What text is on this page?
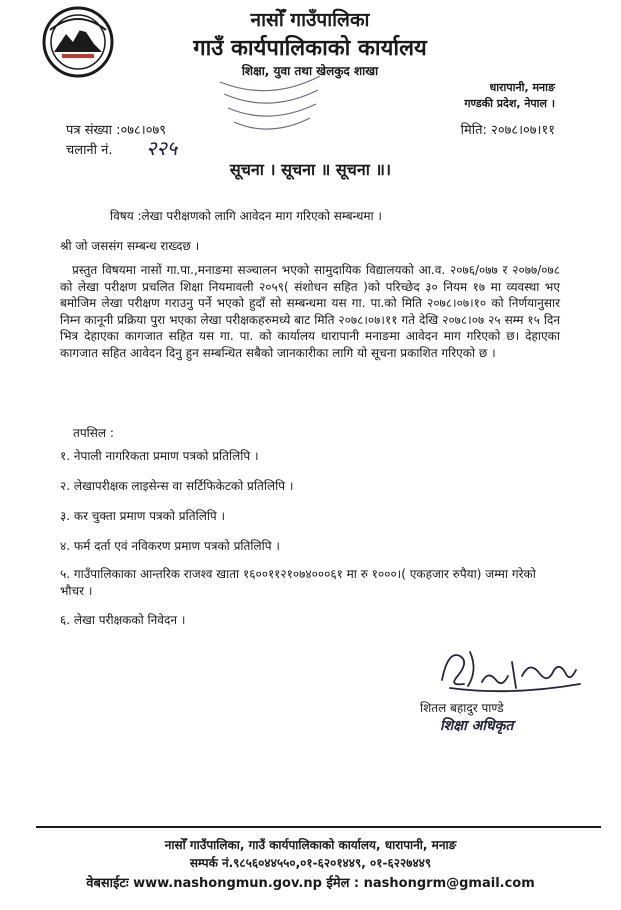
नासोँ गाउँपालिका
गाउँ कार्यपालिकाको कार्यालय
शिक्षा, युवा तथा खेलकुद शाखा
धारापानी, मनाङ
गण्डकी प्रदेश, नेपाल ।
पत्र संख्या :०७८।०७९
चलानी नं. २२५
मिति: २०७८।०७।११
सूचना । सूचना ॥ सूचना ॥।
विषय :लेखा परीक्षणको लागि आवेदन माग गरिएको सम्बन्धमा ।
श्री जो जससंग सम्बन्ध राख्दछ ।
प्रस्तुत विषयमा नासों गा.पा.,मनाङमा सञ्चालन भएको सामुदायिक विद्यालयको आ.व. २०७६/०७७ र २०७७/०७८ को लेखा परीक्षण प्रचलित शिक्षा नियमावली २०५९( संशोधन सहित )को परिच्छेद ३० नियम १७ मा व्यवस्था भए बमोजिम लेखा परीक्षण गराउनु पर्ने भएको हुदाँ सो सम्बन्धमा यस गा. पा.को मिति २०७८।०७।१० को निर्णयानुसार निम्न कानूनी प्रक्रिया पुरा भएका लेखा परीक्षकहरुमध्ये बाट मिति २०७८।०७।११ गते देखि २०७८।०७ २५ सम्म १५ दिन भित्र देहाएका कागजात सहित यस गा. पा. को कार्यालय धारापानी मनाङमा आवेदन माग गरिएको छ। देहाएका कागजात सहित आवेदन दिनु हुन सम्बन्धित सबैको जानकारीका लागि यो सूचना प्रकाशित गरिएको छ ।
तपसिल :
१. नेपाली नागरिकता प्रमाण पत्रको प्रतिलिपि ।
२. लेखापरीक्षक लाइसेन्स वा सर्टिफिकेटको प्रतिलिपि ।
३. कर चुक्ता प्रमाण पत्रको प्रतिलिपि ।
४. फर्म दर्ता एवं नविकरण प्रमाण पत्रको प्रतिलिपि ।
५. गाउँपालिकाका आन्तरिक राजश्व खाता १६००११२१०७४०००६१ मा रु १०००।( एकहजार रुपैया) जम्मा गरेको भौचर ।
६. लेखा परीक्षकको निवेदन ।
शितल बहादुर पाण्डे
शिक्षा अधिकृत
नासोँ गाउँपालिका, गाउँ कार्यपालिकाको कार्यालय, धारापानी, मनाङ
सम्पर्क नं.९८५६०४४५५०,०१-६२०१४४९, ०१-६२२७४४९
वेबसाईटः www.nashongmun.gov.np ईमेल : nashongrm@gmail.com
